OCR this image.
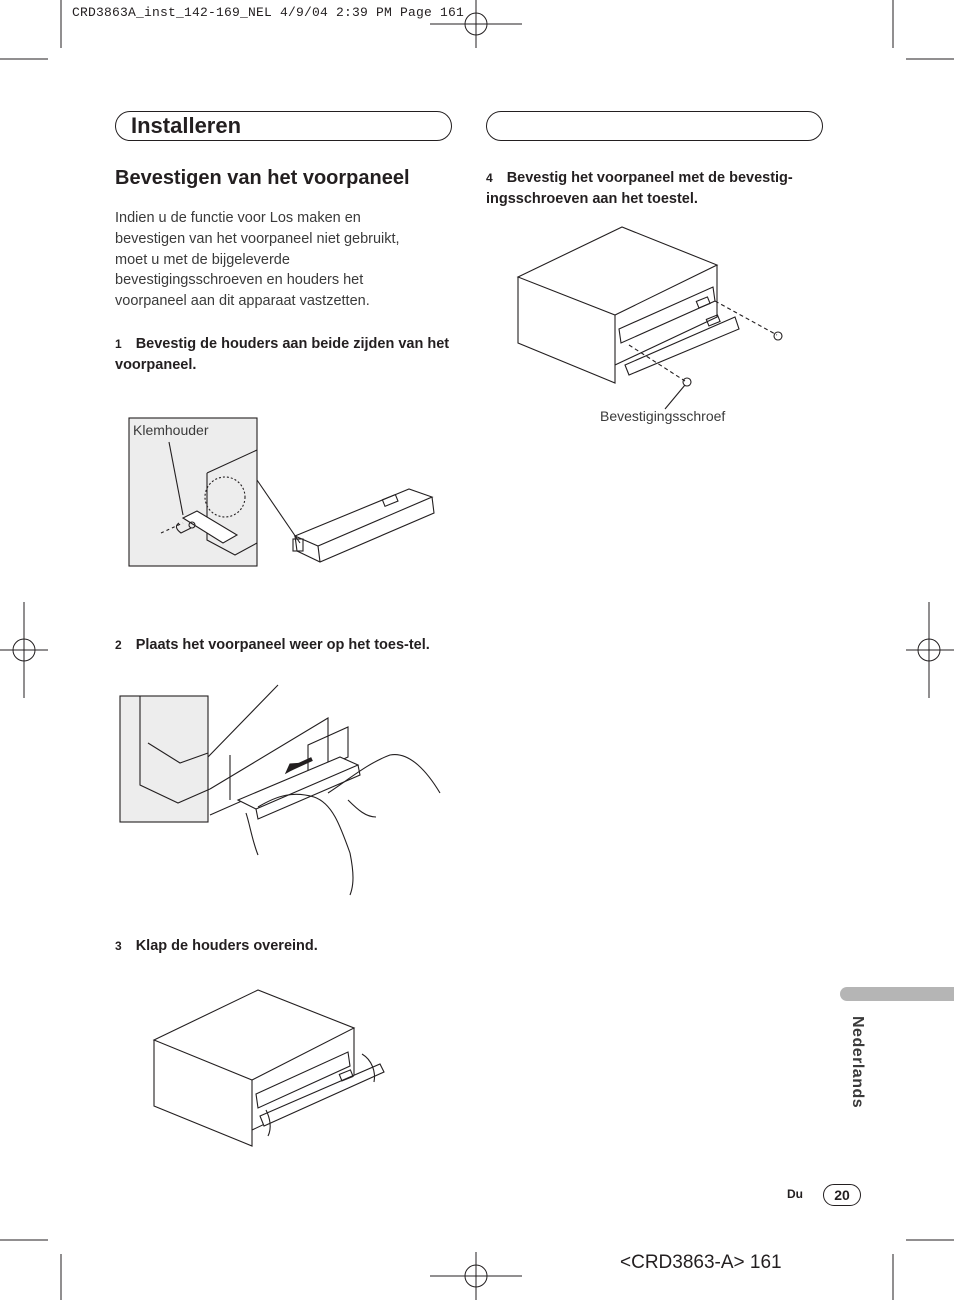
CRD3863A_inst_142-169_NEL 4/9/04 2:39 PM Page 161
Installeren
Bevestigen van het voorpaneel
Indien u de functie voor Los maken en bevestigen van het voorpaneel niet gebruikt, moet u met de bijgeleverde bevestigingsschroeven en houders het voorpaneel aan dit apparaat vastzetten.
1 Bevestig de houders aan beide zijden van het voorpaneel.
Klemhouder
2 Plaats het voorpaneel weer op het toes-tel.
3 Klap de houders overeind.
4 Bevestig het voorpaneel met de bevestig-ingsschroeven aan het toestel.
Bevestigingsschroef
Nederlands
Du	20
<CRD3863-A> 161
